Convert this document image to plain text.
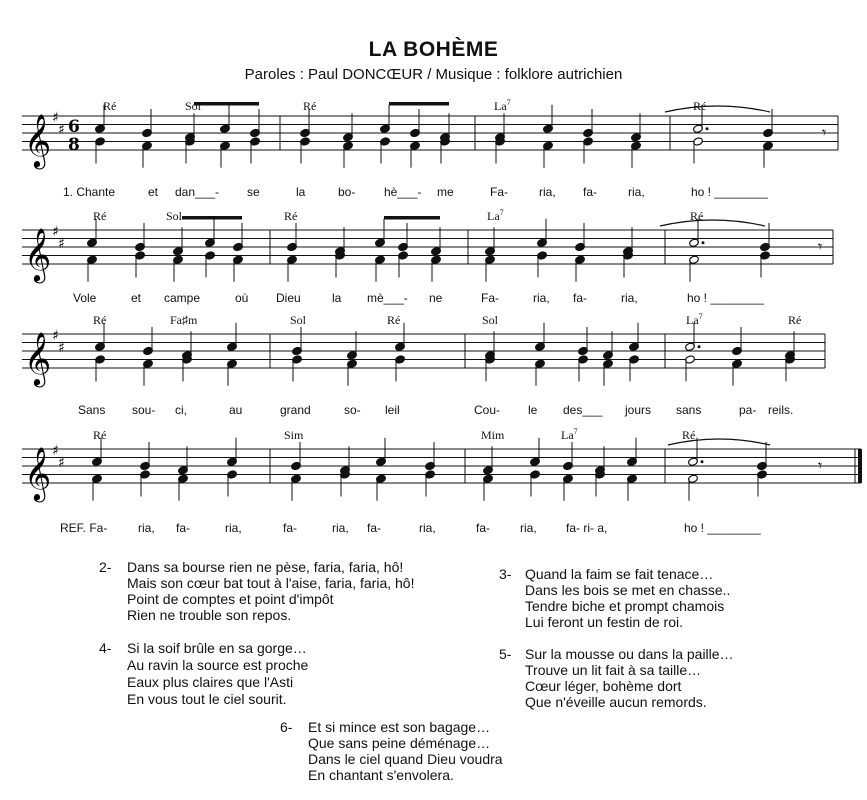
LA BOHÈME
Paroles : Paul DONCŒUR / Musique : folklore autrichien
𝄞 ♯
♯ 6
8
𝄾
Ré	Sol	Ré	La$^7$	Ré
1. Chante	et dan___- se	la	bo- hè___- me	Fa-	ria, fa-	ria,	ho ! ________
𝄞 ♯
♯	𝄾
Ré	Sol	Ré	La$^7$	Ré
Vole	et campe	où Dieu	la mè___- ne	Fa-	ria, fa-	ria,	ho ! ________
𝄞 ♯
♯
Ré	Fa♯m	Sol	Ré	Sol	La$^7$	Ré
Sans sou- ci,	au	grand	so- leil	Cou- le des___ jours sans	pa- reils.
𝄞 ♯
♯	𝄾
Ré	Sim	Mim	La$^7$	Ré
REF. Fa-	ria, fa-	ria,	fa-	ria, fa-	ria,	fa- ria, fa- ri- a,	ho ! ________
2- Dans sa bourse rien ne pèse, faria, faria, hô!
Mais son cœur bat tout à l'aise, faria, faria, hô!
Point de comptes et point d'impôt
Rien ne trouble son repos.
3- Quand la faim se fait tenace…
Dans les bois se met en chasse..
Tendre biche et prompt chamois
Lui feront un festin de roi.
4- Si la soif brûle en sa gorge…
Au ravin la source est proche
Eaux plus claires que l'Asti
En vous tout le ciel sourit.
5- Sur la mousse ou dans la paille…
Trouve un lit fait à sa taille…
Cœur léger, bohème dort
Que n'éveille aucun remords.
6- Et si mince est son bagage…
Que sans peine déménage…
Dans le ciel quand Dieu voudra
En chantant s'envolera.
